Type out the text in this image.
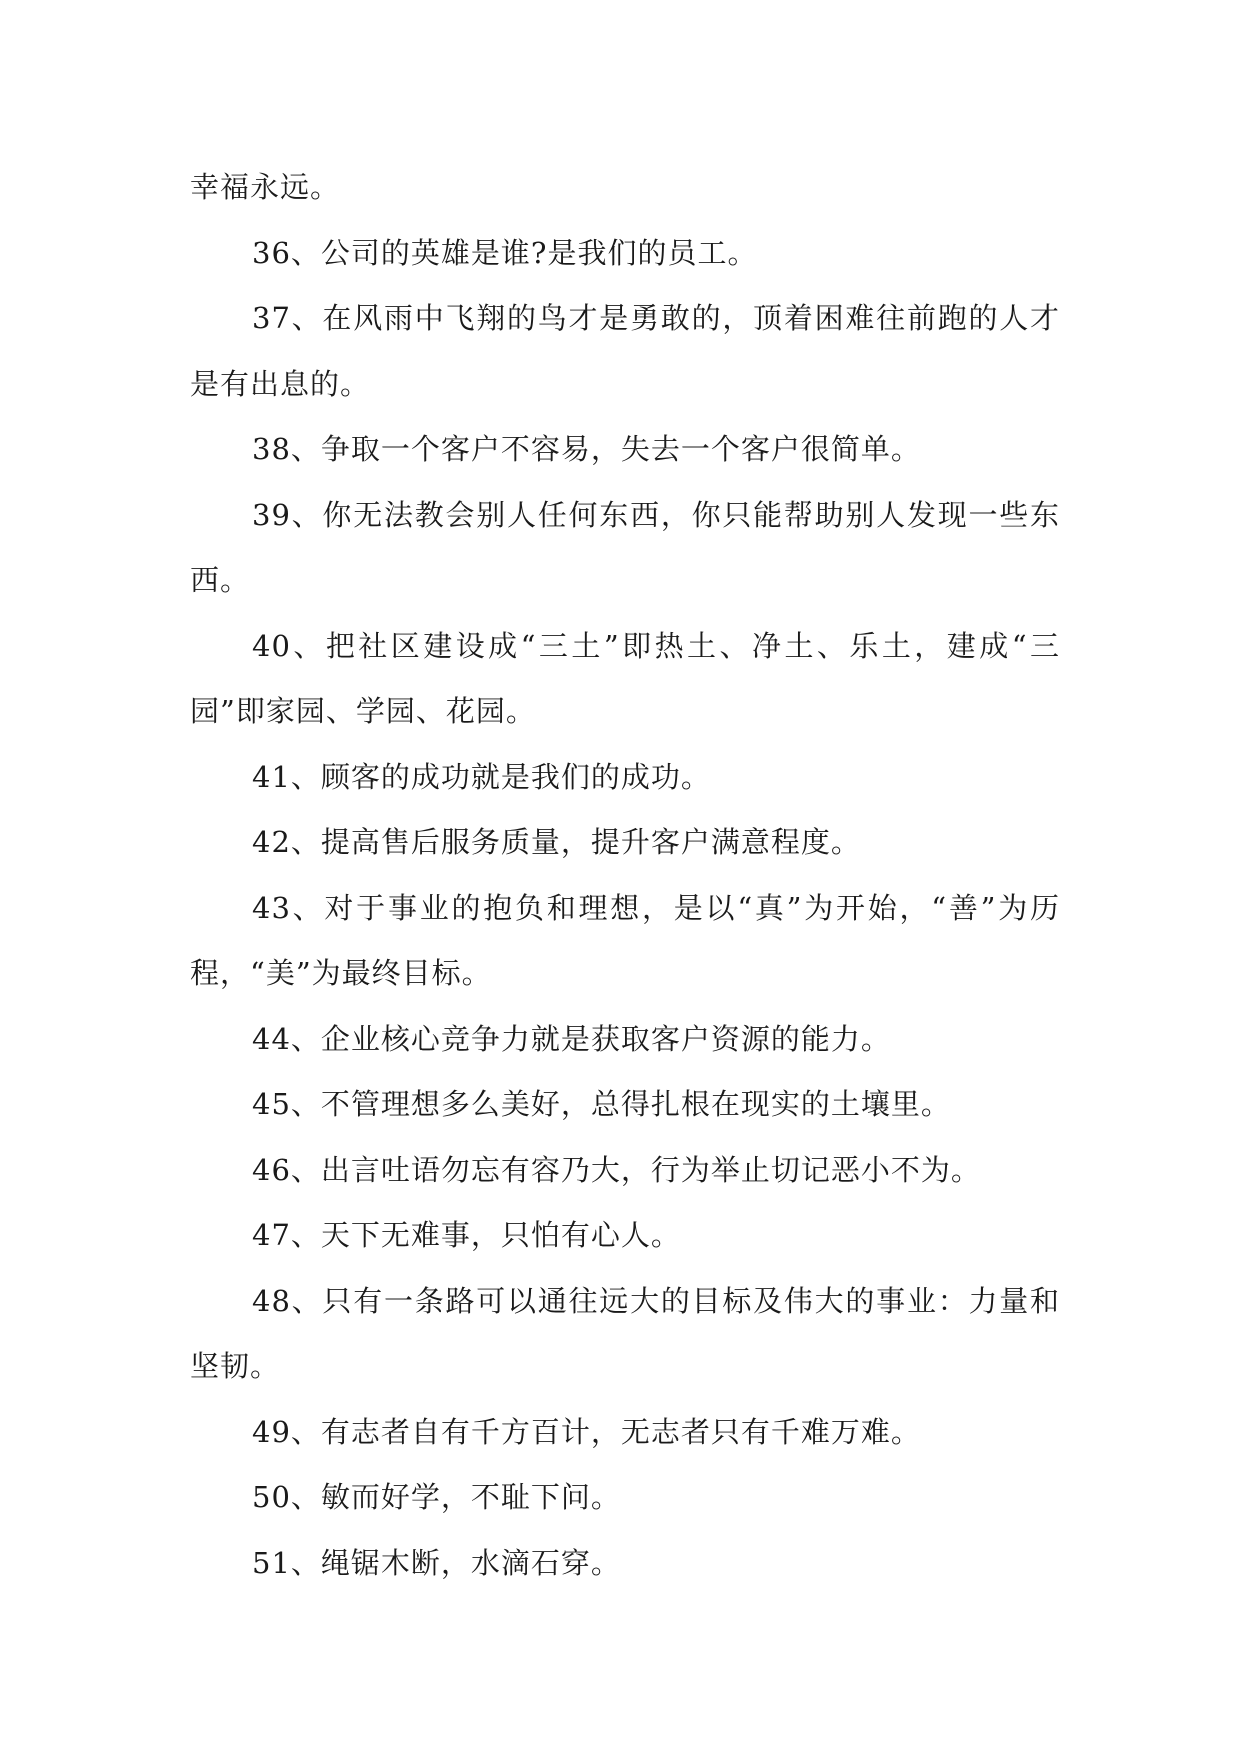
幸福永远。

36、公司的英雄是谁?是我们的员工。

37、在风雨中飞翔的鸟才是勇敢的，顶着困难往前跑的人才是有出息的。

38、争取一个客户不容易，失去一个客户很简单。

39、你无法教会别人任何东西，你只能帮助别人发现一些东西。

40、把社区建设成“三土”即热土、净土、乐土，建成“三园”即家园、学园、花园。

41、顾客的成功就是我们的成功。

42、提高售后服务质量，提升客户满意程度。

43、对于事业的抱负和理想，是以“真”为开始，“善”为历程，“美”为最终目标。

44、企业核心竞争力就是获取客户资源的能力。

45、不管理想多么美好，总得扎根在现实的土壤里。

46、出言吐语勿忘有容乃大，行为举止切记恶小不为。

47、天下无难事，只怕有心人。

48、只有一条路可以通往远大的目标及伟大的事业：力量和坚韧。

49、有志者自有千方百计，无志者只有千难万难。

50、敏而好学，不耻下问。

51、绳锯木断，水滴石穿。
